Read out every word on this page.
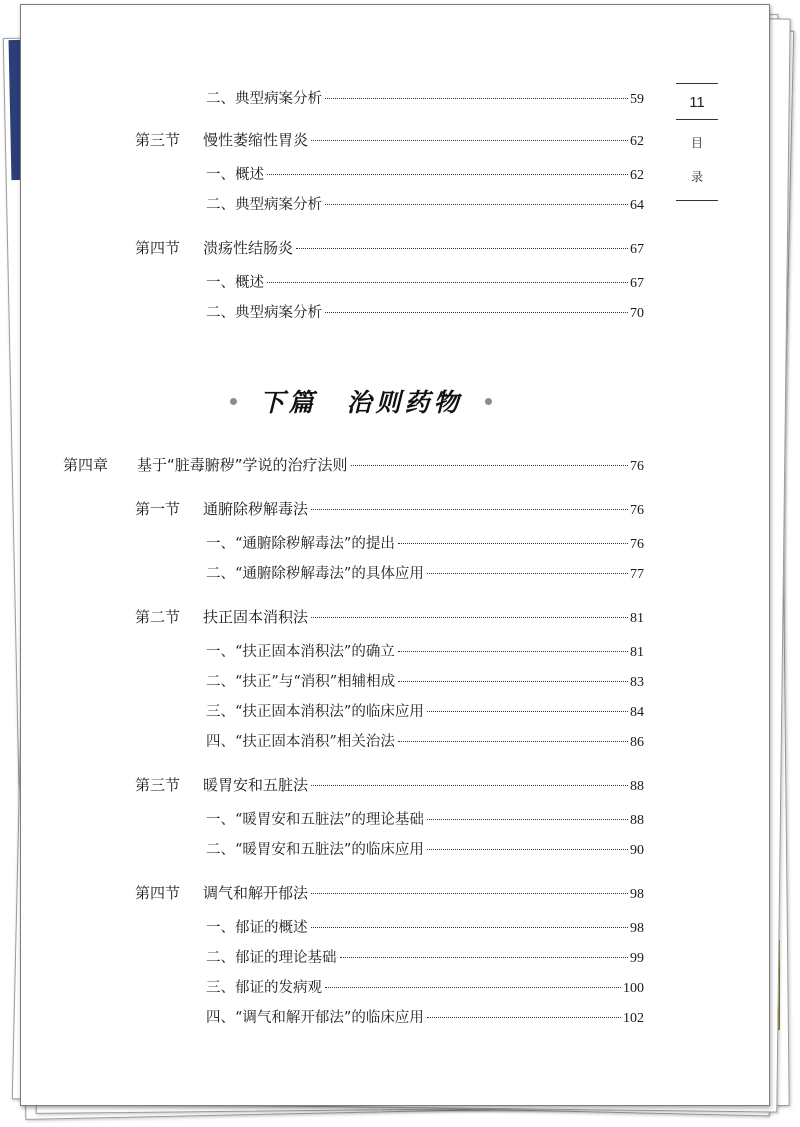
11
目
录
二、典型病案分析	59
第三节	慢性萎缩性胃炎	62
一、概述	62
二、典型病案分析	64
第四节	溃疡性结肠炎	67
一、概述	67
二、典型病案分析	70
下篇　治则药物
第四章	基于“脏毒腑秽”学说的治疗法则	76
第一节	通腑除秽解毒法	76
一、“通腑除秽解毒法”的提出	76
二、“通腑除秽解毒法”的具体应用	77
第二节	扶正固本消积法	81
一、“扶正固本消积法”的确立	81
二、“扶正”与“消积”相辅相成	83
三、“扶正固本消积法”的临床应用	84
四、“扶正固本消积”相关治法	86
第三节	暖胃安和五脏法	88
一、“暖胃安和五脏法”的理论基础	88
二、“暖胃安和五脏法”的临床应用	90
第四节	调气和解开郁法	98
一、郁证的概述	98
二、郁证的理论基础	99
三、郁证的发病观	100
四、“调气和解开郁法”的临床应用	102
